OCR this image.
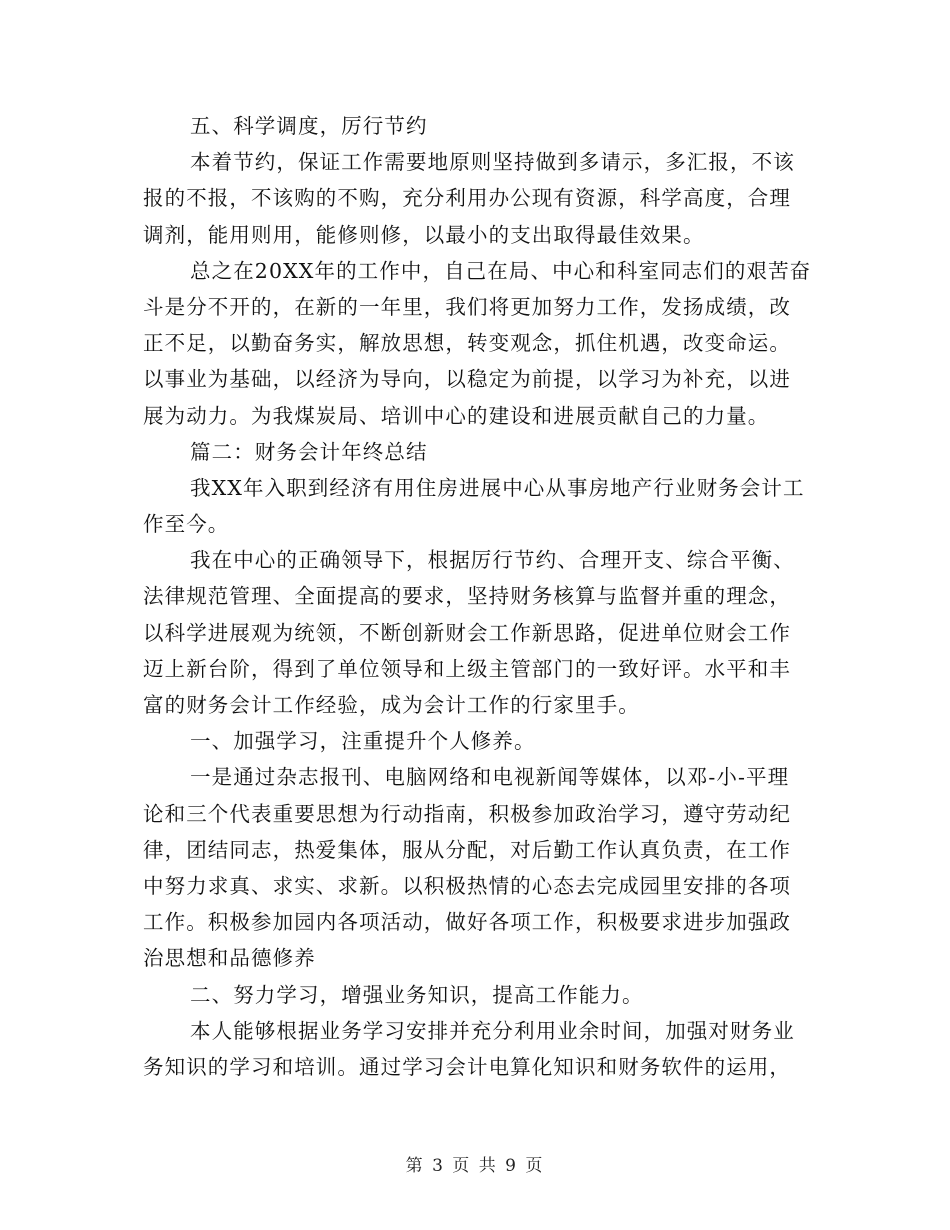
五、科学调度，厉行节约
本着节约，保证工作需要地原则坚持做到多请示，多汇报，不该
报的不报，不该购的不购，充分利用办公现有资源，科学高度，合理
调剂，能用则用，能修则修，以最小的支出取得最佳效果。
总之在20XX年的工作中，自己在局、中心和科室同志们的艰苦奋
斗是分不开的，在新的一年里，我们将更加努力工作，发扬成绩，改
正不足，以勤奋务实，解放思想，转变观念，抓住机遇，改变命运。
以事业为基础，以经济为导向，以稳定为前提，以学习为补充，以进
展为动力。为我煤炭局、培训中心的建设和进展贡献自己的力量。
篇二：财务会计年终总结
我XX年入职到经济有用住房进展中心从事房地产行业财务会计工
作至今。
我在中心的正确领导下，根据厉行节约、合理开支、综合平衡、
法律规范管理、全面提高的要求，坚持财务核算与监督并重的理念，
以科学进展观为统领，不断创新财会工作新思路，促进单位财会工作
迈上新台阶，得到了单位领导和上级主管部门的一致好评。水平和丰
富的财务会计工作经验，成为会计工作的行家里手。
一、加强学习，注重提升个人修养。
一是通过杂志报刊、电脑网络和电视新闻等媒体，以邓-小-平理
论和三个代表重要思想为行动指南，积极参加政治学习，遵守劳动纪
律，团结同志，热爱集体，服从分配，对后勤工作认真负责，在工作
中努力求真、求实、求新。以积极热情的心态去完成园里安排的各项
工作。积极参加园内各项活动，做好各项工作，积极要求进步加强政
治思想和品德修养
二、努力学习，增强业务知识，提高工作能力。
本人能够根据业务学习安排并充分利用业余时间，加强对财务业
务知识的学习和培训。通过学习会计电算化知识和财务软件的运用，
第 3 页 共 9 页
